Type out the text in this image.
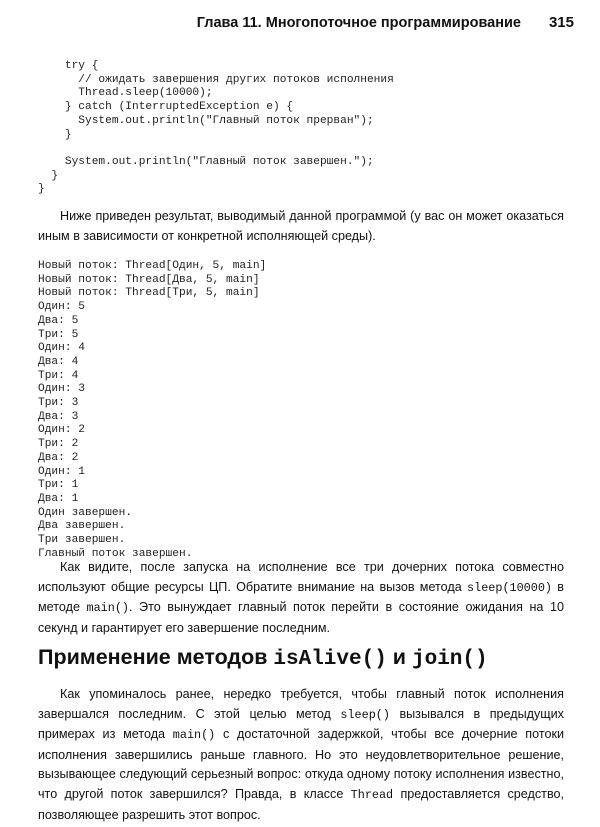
Глава 11. Многопоточное программирование 315
try {
// ожидать завершения других потоков исполнения
Thread.sleep(10000);
} catch (InterruptedException e) {
System.out.println("Главный поток прерван");
}

System.out.println("Главный поток завершен.");
}
}

Ниже приведен результат, выводимый данной программой (у вас он может оказаться иным в зависимости от конкретной исполняющей среды).

Новый поток: Thread[Один, 5, main]
Новый поток: Thread[Два, 5, main]
Новый поток: Thread[Три, 5, main]
Один: 5
Два: 5
Три: 5
Один: 4
Два: 4
Три: 4
Один: 3
Три: 3
Два: 3
Один: 2
Три: 2
Два: 2
Один: 1
Три: 1
Два: 1
Один завершен.
Два завершен.
Три завершен.
Главный поток завершен.

Как видите, после запуска на исполнение все три дочерних потока совместно используют общие ресурсы ЦП. Обратите внимание на вызов метода sleep(10000) в методе main(). Это вынуждает главный поток перейти в состояние ожидания на 10 секунд и гарантирует его завершение последним.

Применение методов isAlive() и join()

Как упоминалось ранее, нередко требуется, чтобы главный поток исполнения завершался последним. С этой целью метод sleep() вызывался в предыдущих примерах из метода main() с достаточной задержкой, чтобы все дочерние потоки исполнения завершились раньше главного. Но это неудовлетворительное решение, вызывающее следующий серьезный вопрос: откуда одному потоку исполнения известно, что другой поток завершился? Правда, в классе Thread предоставляется средство, позволяющее разрешить этот вопрос.
